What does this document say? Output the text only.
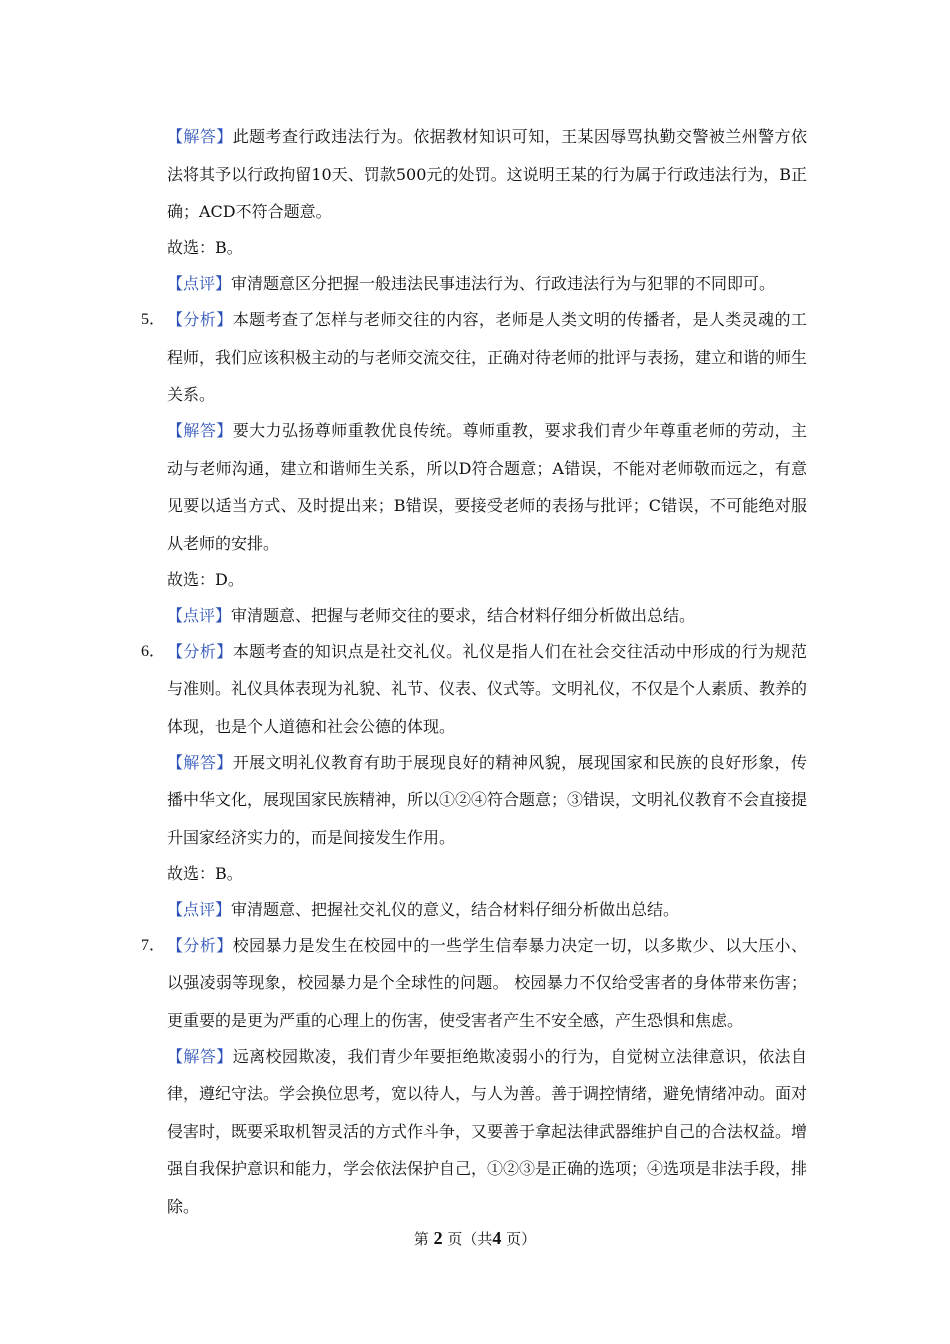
【解答】此题考查行政违法行为。依据教材知识可知，王某因辱骂执勤交警被兰州警方依法将其予以行政拘留10天、罚款500元的处罚。这说明王某的行为属于行政违法行为，B正确；ACD不符合题意。
故选：B。
【点评】审清题意区分把握一般违法民事违法行为、行政违法行为与犯罪的不同即可。
5． 【分析】本题考查了怎样与老师交往的内容，老师是人类文明的传播者，是人类灵魂的工程师，我们应该积极主动的与老师交流交往，正确对待老师的批评与表扬，建立和谐的师生关系。
【解答】要大力弘扬尊师重教优良传统。尊师重教，要求我们青少年尊重老师的劳动，主动与老师沟通，建立和谐师生关系，所以D符合题意；A错误，不能对老师敬而远之，有意见要以适当方式、及时提出来；B错误，要接受老师的表扬与批评；C错误，不可能绝对服从老师的安排。
故选：D。
【点评】审清题意、把握与老师交往的要求，结合材料仔细分析做出总结。
6． 【分析】本题考查的知识点是社交礼仪。礼仪是指人们在社会交往活动中形成的行为规范与准则。礼仪具体表现为礼貌、礼节、仪表、仪式等。文明礼仪，不仅是个人素质、教养的体现，也是个人道德和社会公德的体现。
【解答】开展文明礼仪教育有助于展现良好的精神风貌，展现国家和民族的良好形象，传播中华文化，展现国家民族精神，所以①②④符合题意；③错误，文明礼仪教育不会直接提升国家经济实力的，而是间接发生作用。
故选：B。
【点评】审清题意、把握社交礼仪的意义，结合材料仔细分析做出总结。
7． 【分析】校园暴力是发生在校园中的一些学生信奉暴力决定一切，以多欺少、以大压小、以强凌弱等现象，校园暴力是个全球性的问题。 校园暴力不仅给受害者的身体带来伤害；更重要的是更为严重的心理上的伤害，使受害者产生不安全感，产生恐惧和焦虑。
【解答】远离校园欺凌，我们青少年要拒绝欺凌弱小的行为，自觉树立法律意识，依法自律，遵纪守法。学会换位思考，宽以待人，与人为善。善于调控情绪，避免情绪冲动。面对侵害时，既要采取机智灵活的方式作斗争，又要善于拿起法律武器维护自己的合法权益。增强自我保护意识和能力，学会依法保护自己，①②③是正确的选项；④选项是非法手段，排除。
第 2 页（共4 页）
